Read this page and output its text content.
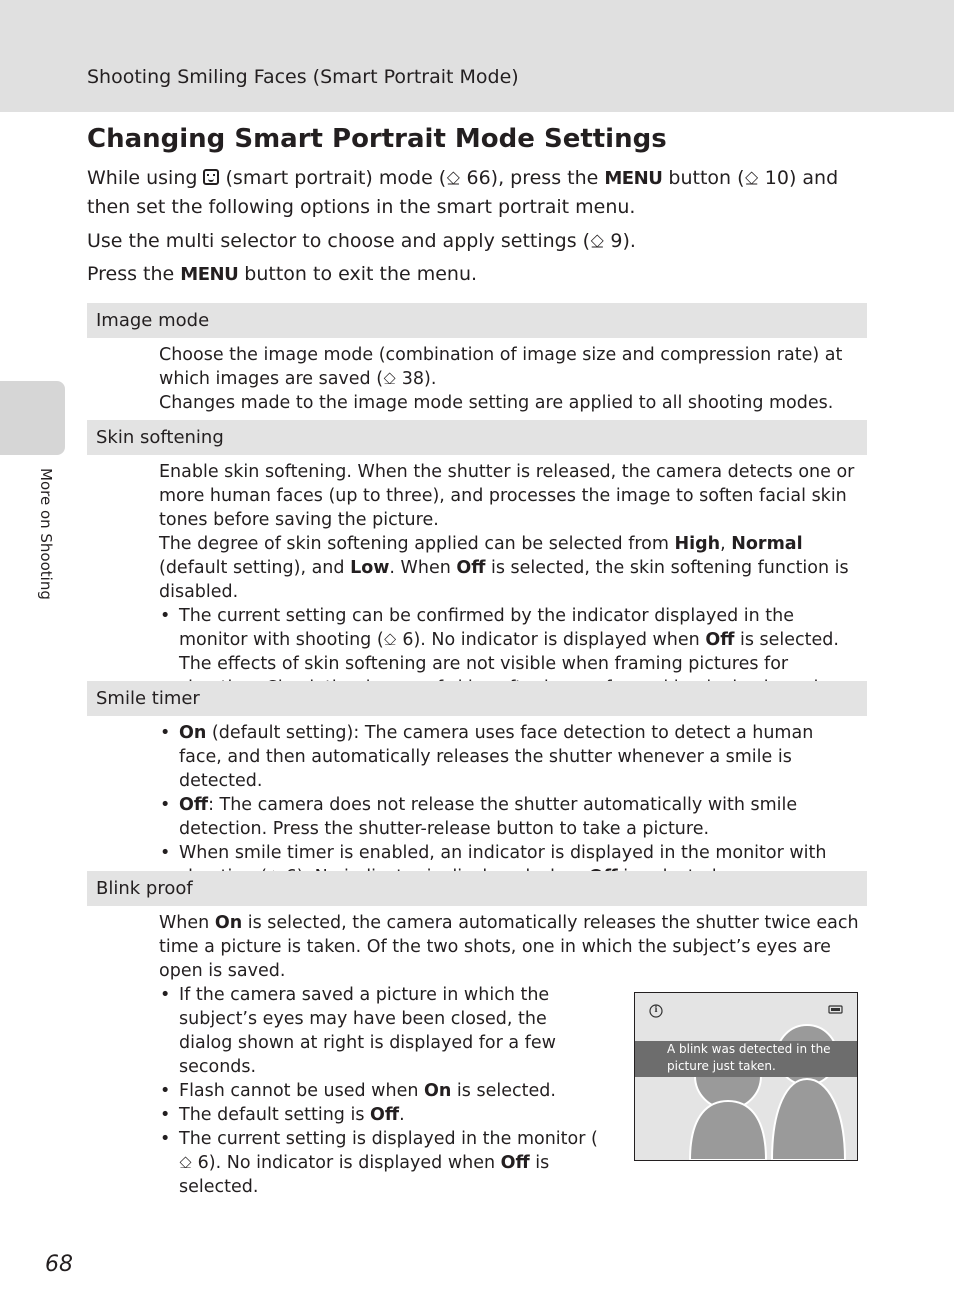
Shooting Smiling Faces (Smart Portrait Mode)
More on Shooting
Changing Smart Portrait Mode Settings
While using  (smart portrait) mode (⎐ 66), press the MENU button (⎐ 10) and then set the following options in the smart portrait menu.
Use the multi selector to choose and apply settings (⎐ 9).
Press the MENU button to exit the menu.
Image mode

Choose the image mode (combination of image size and compression rate) at which images are saved (⎐ 38).

Changes made to the image mode setting are applied to all shooting modes.

Skin softening

Enable skin softening. When the shutter is released, the camera detects one or more human faces (up to three), and processes the image to soften facial skin tones before saving the picture.

The degree of skin softening applied can be selected from High, Normal (default setting), and Low. When Off is selected, the skin softening function is disabled.

• The current setting can be confirmed by the indicator displayed in the monitor with shooting (⎐ 6). No indicator is displayed when Off is selected. The effects of skin softening are not visible when framing pictures for
Smile timer
• On (default setting): The camera uses face detection to detect a human face, and then automatically releases the shutter whenever a smile is detected.
• Off: The camera does not release the shutter automatically with smile detection. Press the shutter-release button to take a picture.
• When smile timer is enabled, an indicator is displayed in the monitor with
Blink proof

When On is selected, the camera automatically releases the shutter twice each time a picture is taken. Of the two shots, one in which the subject’s eyes are open is saved.

• If the camera saved a picture in which the subject’s eyes may have been closed, the dialog shown at right is displayed for a few seconds.
• Flash cannot be used when On is selected.
• The default setting is Off.
• The current setting is displayed in the monitor (⎐ 6). No indicator is displayed when Off is selected.
i
A blink was detected in the picture just taken.
68
